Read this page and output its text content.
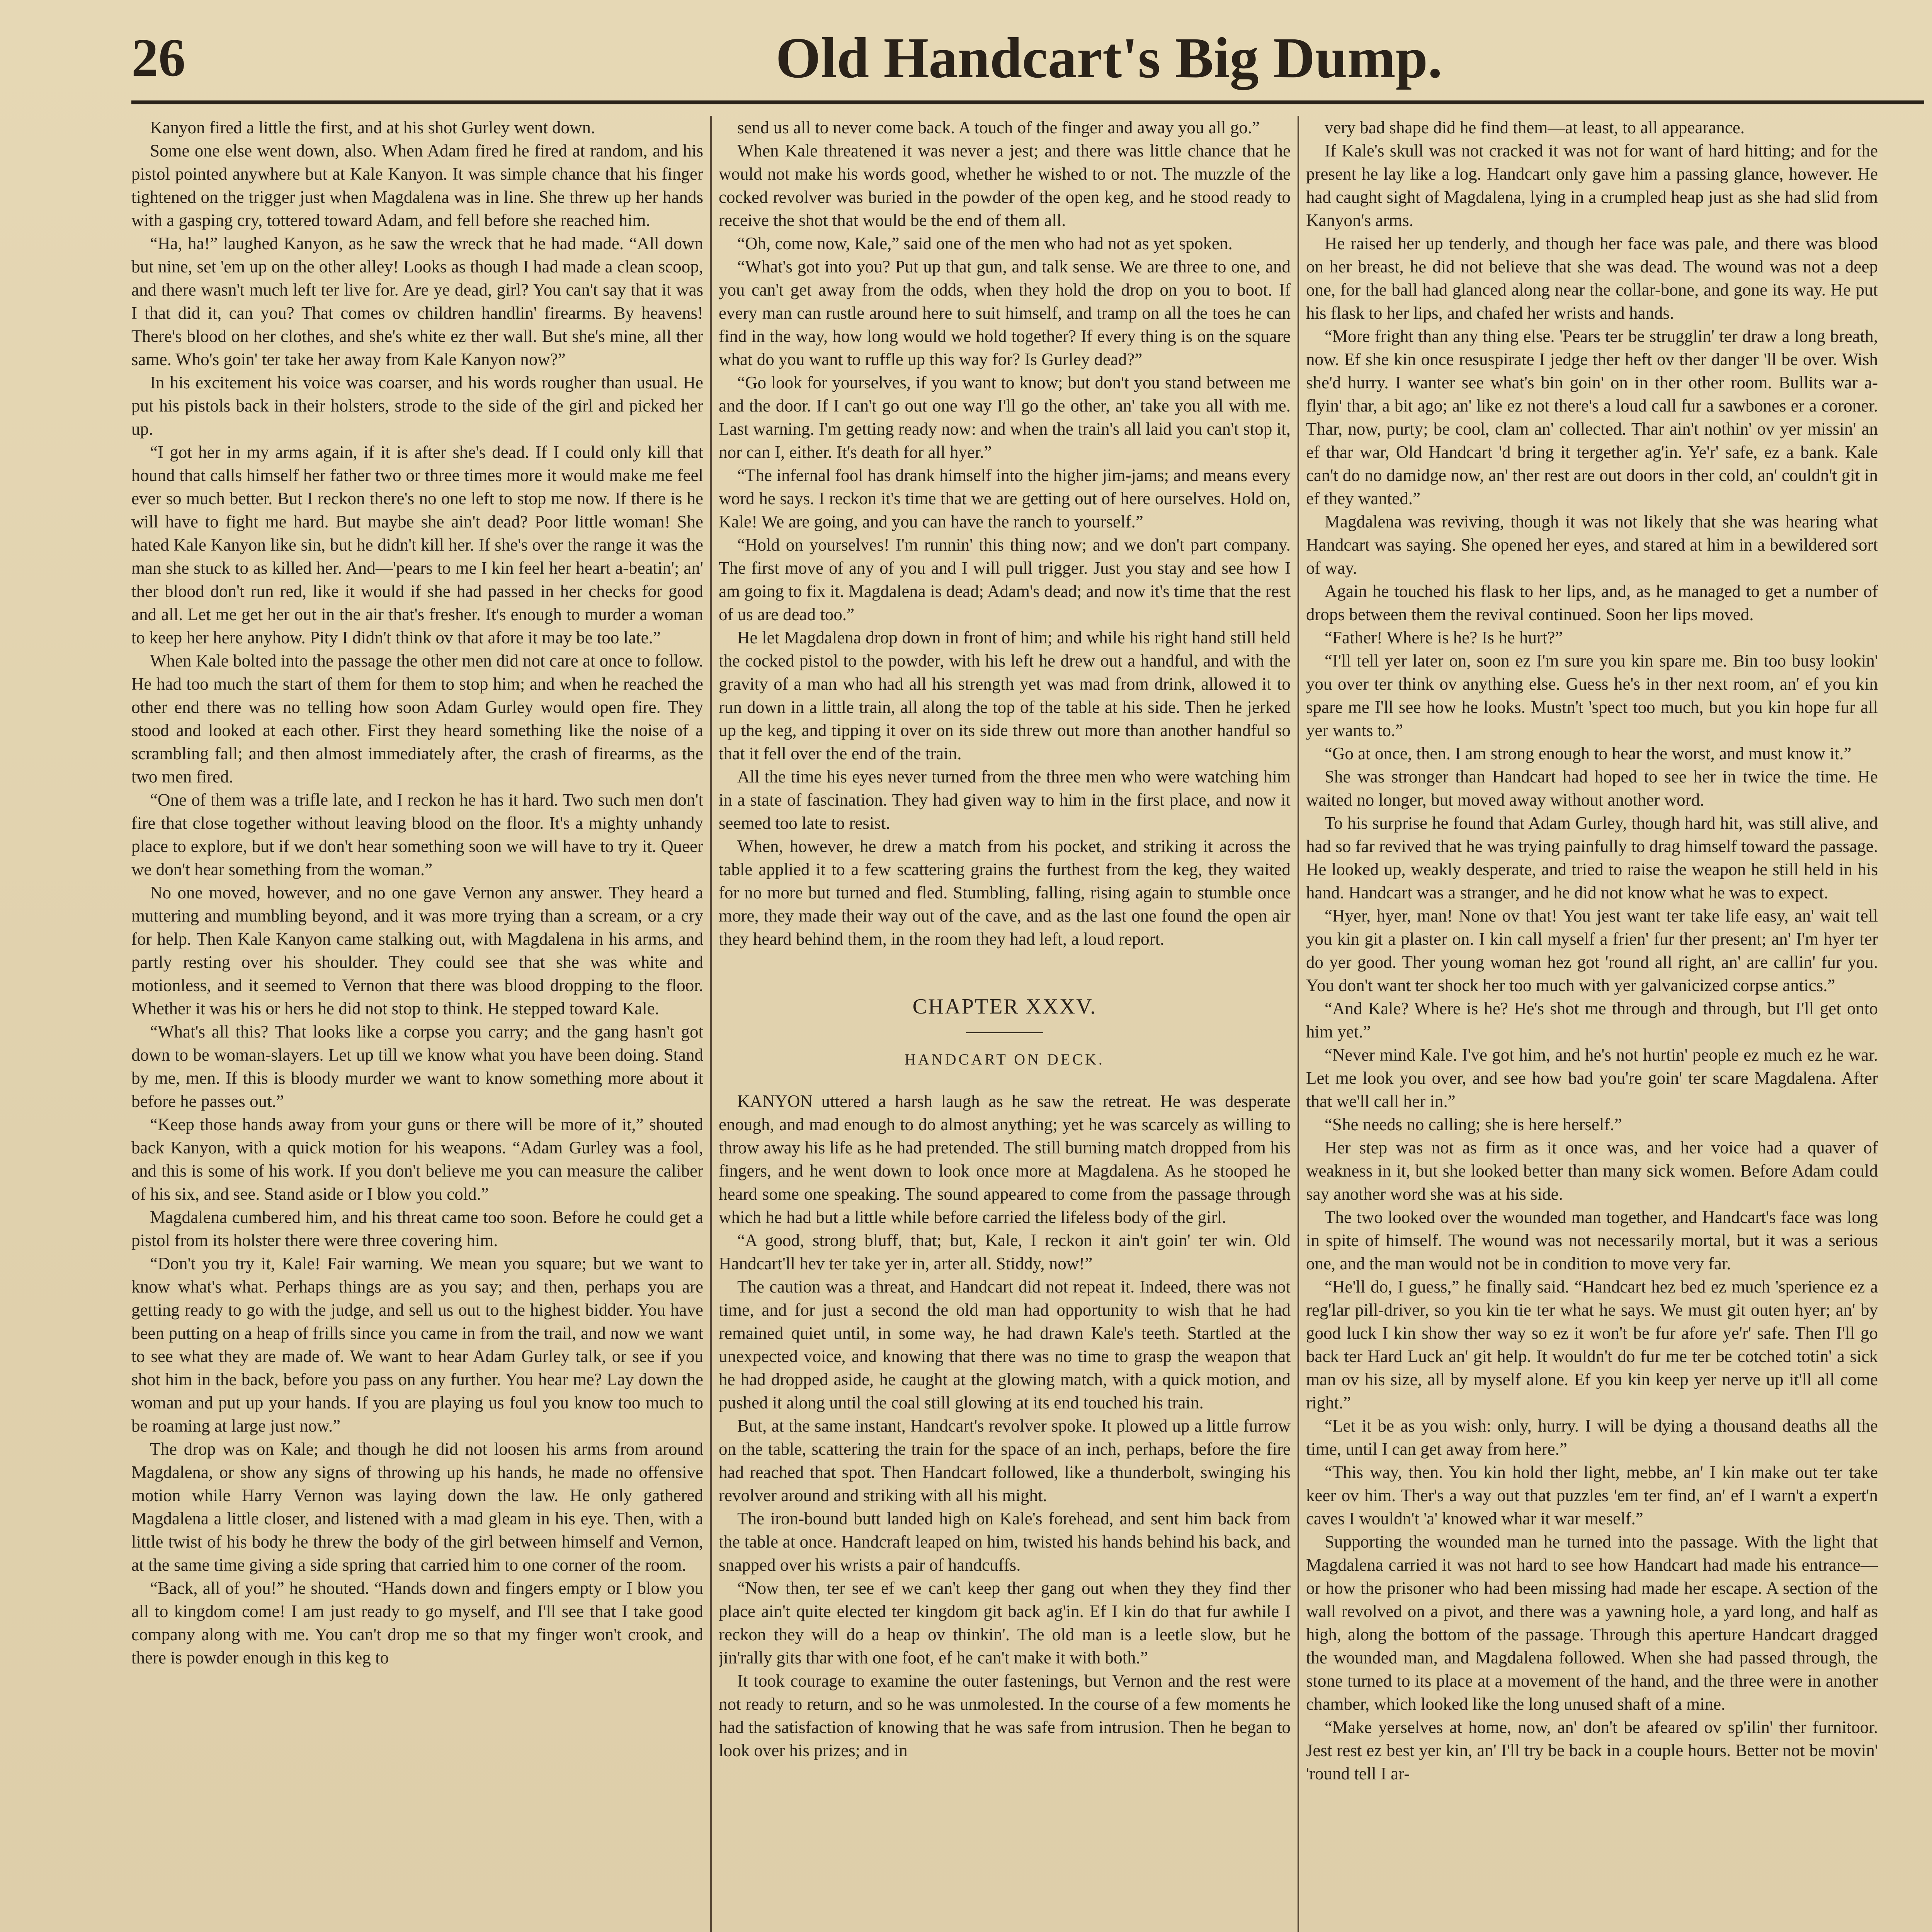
26	Old Handcart's Big Dump.

Kanyon fired a little the first, and at his shot Gurley went down.

Some one else went down, also. When Adam fired he fired at random, and his pistol pointed anywhere but at Kale Kanyon. It was simple chance that his finger tightened on the trigger just when Magdalena was in line. She threw up her hands with a gasping cry, tottered toward Adam, and fell before she reached him.

“Ha, ha!” laughed Kanyon, as he saw the wreck that he had made. “All down but nine, set 'em up on the other alley! Looks as though I had made a clean scoop, and there wasn't much left ter live for. Are ye dead, girl? You can't say that it was I that did it, can you? That comes ov children handlin' firearms. By heavens! There's blood on her clothes, and she's white ez ther wall. But she's mine, all ther same. Who's goin' ter take her away from Kale Kanyon now?”

In his excitement his voice was coarser, and his words rougher than usual. He put his pistols back in their holsters, strode to the side of the girl and picked her up.

“I got her in my arms again, if it is after she's dead. If I could only kill that hound that calls himself her father two or three times more it would make me feel ever so much better. But I reckon there's no one left to stop me now. If there is he will have to fight me hard. But maybe she ain't dead? Poor little woman! She hated Kale Kanyon like sin, but he didn't kill her. If she's over the range it was the man she stuck to as killed her. And—'pears to me I kin feel her heart a-beatin'; an' ther blood don't run red, like it would if she had passed in her checks for good and all. Let me get her out in the air that's fresher. It's enough to murder a woman to keep her here anyhow. Pity I didn't think ov that afore it may be too late.”

When Kale bolted into the passage the other men did not care at once to follow. He had too much the start of them for them to stop him; and when he reached the other end there was no telling how soon Adam Gurley would open fire. They stood and looked at each other. First they heard something like the noise of a scrambling fall; and then almost immediately after, the crash of firearms, as the two men fired.

“One of them was a trifle late, and I reckon he has it hard. Two such men don't fire that close together without leaving blood on the floor. It's a mighty unhandy place to explore, but if we don't hear something soon we will have to try it. Queer we don't hear something from the woman.”

No one moved, however, and no one gave Vernon any answer. They heard a muttering and mumbling beyond, and it was more trying than a scream, or a cry for help. Then Kale Kanyon came stalking out, with Magdalena in his arms, and partly resting over his shoulder. They could see that she was white and motionless, and it seemed to Vernon that there was blood dropping to the floor. Whether it was his or hers he did not stop to think. He stepped toward Kale.

“What's all this? That looks like a corpse you carry; and the gang hasn't got down to be woman-slayers. Let up till we know what you have been doing. Stand by me, men. If this is bloody murder we want to know something more about it before he passes out.”

“Keep those hands away from your guns or there will be more of it,” shouted back Kanyon, with a quick motion for his weapons. “Adam Gurley was a fool, and this is some of his work. If you don't believe me you can measure the caliber of his six, and see. Stand aside or I blow you cold.”

Magdalena cumbered him, and his threat came too soon. Before he could get a pistol from its holster there were three covering him.

“Don't you try it, Kale! Fair warning. We mean you square; but we want to know what's what. Perhaps things are as you say; and then, perhaps you are getting ready to go with the judge, and sell us out to the highest bidder. You have been putting on a heap of frills since you came in from the trail, and now we want to see what they are made of. We want to hear Adam Gurley talk, or see if you shot him in the back, before you pass on any further. You hear me? Lay down the woman and put up your hands. If you are playing us foul you know too much to be roaming at large just now.”

The drop was on Kale; and though he did not loosen his arms from around Magdalena, or show any signs of throwing up his hands, he made no offensive motion while Harry Vernon was laying down the law. He only gathered Magdalena a little closer, and listened with a mad gleam in his eye. Then, with a little twist of his body he threw the body of the girl between himself and Vernon, at the same time giving a side spring that carried him to one corner of the room.

“Back, all of you!” he shouted. “Hands down and fingers empty or I blow you all to kingdom come! I am just ready to go myself, and I'll see that I take good company along with me. You can't drop me so that my finger won't crook, and there is powder enough in this keg to

send us all to never come back. A touch of the finger and away you all go.”

When Kale threatened it was never a jest; and there was little chance that he would not make his words good, whether he wished to or not. The muzzle of the cocked revolver was buried in the powder of the open keg, and he stood ready to receive the shot that would be the end of them all.

“Oh, come now, Kale,” said one of the men who had not as yet spoken.

“What's got into you? Put up that gun, and talk sense. We are three to one, and you can't get away from the odds, when they hold the drop on you to boot. If every man can rustle around here to suit himself, and tramp on all the toes he can find in the way, how long would we hold together? If every thing is on the square what do you want to ruffle up this way for? Is Gurley dead?”

“Go look for yourselves, if you want to know; but don't you stand between me and the door. If I can't go out one way I'll go the other, an' take you all with me. Last warning. I'm getting ready now: and when the train's all laid you can't stop it, nor can I, either. It's death for all hyer.”

“The infernal fool has drank himself into the higher jim-jams; and means every word he says. I reckon it's time that we are getting out of here ourselves. Hold on, Kale! We are going, and you can have the ranch to yourself.”

“Hold on yourselves! I'm runnin' this thing now; and we don't part company. The first move of any of you and I will pull trigger. Just you stay and see how I am going to fix it. Magdalena is dead; Adam's dead; and now it's time that the rest of us are dead too.”

He let Magdalena drop down in front of him; and while his right hand still held the cocked pistol to the powder, with his left he drew out a handful, and with the gravity of a man who had all his strength yet was mad from drink, allowed it to run down in a little train, all along the top of the table at his side. Then he jerked up the keg, and tipping it over on its side threw out more than another handful so that it fell over the end of the train.

All the time his eyes never turned from the three men who were watching him in a state of fascination. They had given way to him in the first place, and now it seemed too late to resist.

When, however, he drew a match from his pocket, and striking it across the table applied it to a few scattering grains the furthest from the keg, they waited for no more but turned and fled. Stumbling, falling, rising again to stumble once more, they made their way out of the cave, and as the last one found the open air they heard behind them, in the room they had left, a loud report.

CHAPTER XXXV.

HANDCART ON DECK.

KANYON uttered a harsh laugh as he saw the retreat. He was desperate enough, and mad enough to do almost anything; yet he was scarcely as willing to throw away his life as he had pretended. The still burning match dropped from his fingers, and he went down to look once more at Magdalena. As he stooped he heard some one speaking. The sound appeared to come from the passage through which he had but a little while before carried the lifeless body of the girl.

“A good, strong bluff, that; but, Kale, I reckon it ain't goin' ter win. Old Handcart'll hev ter take yer in, arter all. Stiddy, now!”

The caution was a threat, and Handcart did not repeat it. Indeed, there was not time, and for just a second the old man had opportunity to wish that he had remained quiet until, in some way, he had drawn Kale's teeth. Startled at the unexpected voice, and knowing that there was no time to grasp the weapon that he had dropped aside, he caught at the glowing match, with a quick motion, and pushed it along until the coal still glowing at its end touched his train.

But, at the same instant, Handcart's revolver spoke. It plowed up a little furrow on the table, scattering the train for the space of an inch, perhaps, before the fire had reached that spot. Then Handcart followed, like a thunderbolt, swinging his revolver around and striking with all his might.

The iron-bound butt landed high on Kale's forehead, and sent him back from the table at once. Handcraft leaped on him, twisted his hands behind his back, and snapped over his wrists a pair of handcuffs.

“Now then, ter see ef we can't keep ther gang out when they they find ther place ain't quite elected ter kingdom git back ag'in. Ef I kin do that fur awhile I reckon they will do a heap ov thinkin'. The old man is a leetle slow, but he jin'rally gits thar with one foot, ef he can't make it with both.”

It took courage to examine the outer fastenings, but Vernon and the rest were not ready to return, and so he was unmolested. In the course of a few moments he had the satisfaction of knowing that he was safe from intrusion. Then he began to look over his prizes; and in

very bad shape did he find them—at least, to all appearance.

If Kale's skull was not cracked it was not for want of hard hitting; and for the present he lay like a log. Handcart only gave him a passing glance, however. He had caught sight of Magdalena, lying in a crumpled heap just as she had slid from Kanyon's arms.

He raised her up tenderly, and though her face was pale, and there was blood on her breast, he did not believe that she was dead. The wound was not a deep one, for the ball had glanced along near the collar-bone, and gone its way. He put his flask to her lips, and chafed her wrists and hands.

“More fright than any thing else. 'Pears ter be strugglin' ter draw a long breath, now. Ef she kin once resuspirate I jedge ther heft ov ther danger 'll be over. Wish she'd hurry. I wanter see what's bin goin' on in ther other room. Bullits war a-flyin' thar, a bit ago; an' like ez not there's a loud call fur a sawbones er a coroner. Thar, now, purty; be cool, clam an' collected. Thar ain't nothin' ov yer missin' an ef thar war, Old Handcart 'd bring it tergether ag'in. Ye'r' safe, ez a bank. Kale can't do no damidge now, an' ther rest are out doors in ther cold, an' couldn't git in ef they wanted.”

Magdalena was reviving, though it was not likely that she was hearing what Handcart was saying. She opened her eyes, and stared at him in a bewildered sort of way.

Again he touched his flask to her lips, and, as he managed to get a number of drops between them the revival continued. Soon her lips moved.

“Father! Where is he? Is he hurt?”

“I'll tell yer later on, soon ez I'm sure you kin spare me. Bin too busy lookin' you over ter think ov anything else. Guess he's in ther next room, an' ef you kin spare me I'll see how he looks. Mustn't 'spect too much, but you kin hope fur all yer wants to.”

“Go at once, then. I am strong enough to hear the worst, and must know it.”

She was stronger than Handcart had hoped to see her in twice the time. He waited no longer, but moved away without another word.

To his surprise he found that Adam Gurley, though hard hit, was still alive, and had so far revived that he was trying painfully to drag himself toward the passage. He looked up, weakly desperate, and tried to raise the weapon he still held in his hand. Handcart was a stranger, and he did not know what he was to expect.

“Hyer, hyer, man! None ov that! You jest want ter take life easy, an' wait tell you kin git a plaster on. I kin call myself a frien' fur ther present; an' I'm hyer ter do yer good. Ther young woman hez got 'round all right, an' are callin' fur you. You don't want ter shock her too much with yer galvanicized corpse antics.”

“And Kale? Where is he? He's shot me through and through, but I'll get onto him yet.”

“Never mind Kale. I've got him, and he's not hurtin' people ez much ez he war. Let me look you over, and see how bad you're goin' ter scare Magdalena. After that we'll call her in.”

“She needs no calling; she is here herself.”

Her step was not as firm as it once was, and her voice had a quaver of weakness in it, but she looked better than many sick women. Before Adam could say another word she was at his side.

The two looked over the wounded man together, and Handcart's face was long in spite of himself. The wound was not necessarily mortal, but it was a serious one, and the man would not be in condition to move very far.

“He'll do, I guess,” he finally said. “Handcart hez bed ez much 'sperience ez a reg'lar pill-driver, so you kin tie ter what he says. We must git outen hyer; an' by good luck I kin show ther way so ez it won't be fur afore ye'r' safe. Then I'll go back ter Hard Luck an' git help. It wouldn't do fur me ter be cotched totin' a sick man ov his size, all by myself alone. Ef you kin keep yer nerve up it'll all come right.”

“Let it be as you wish: only, hurry. I will be dying a thousand deaths all the time, until I can get away from here.”

“This way, then. You kin hold ther light, mebbe, an' I kin make out ter take keer ov him. Ther's a way out that puzzles 'em ter find, an' ef I warn't a expert'n caves I wouldn't 'a' knowed whar it war meself.”

Supporting the wounded man he turned into the passage. With the light that Magdalena carried it was not hard to see how Handcart had made his entrance—or how the prisoner who had been missing had made her escape. A section of the wall revolved on a pivot, and there was a yawning hole, a yard long, and half as high, along the bottom of the passage. Through this aperture Handcart dragged the wounded man, and Magdalena followed. When she had passed through, the stone turned to its place at a movement of the hand, and the three were in another chamber, which looked like the long unused shaft of a mine.

“Make yerselves at home, now, an' don't be afeared ov sp'ilin' ther furnitoor. Jest rest ez best yer kin, an' I'll try be back in a couple hours. Better not be movin' 'round tell I ar-
